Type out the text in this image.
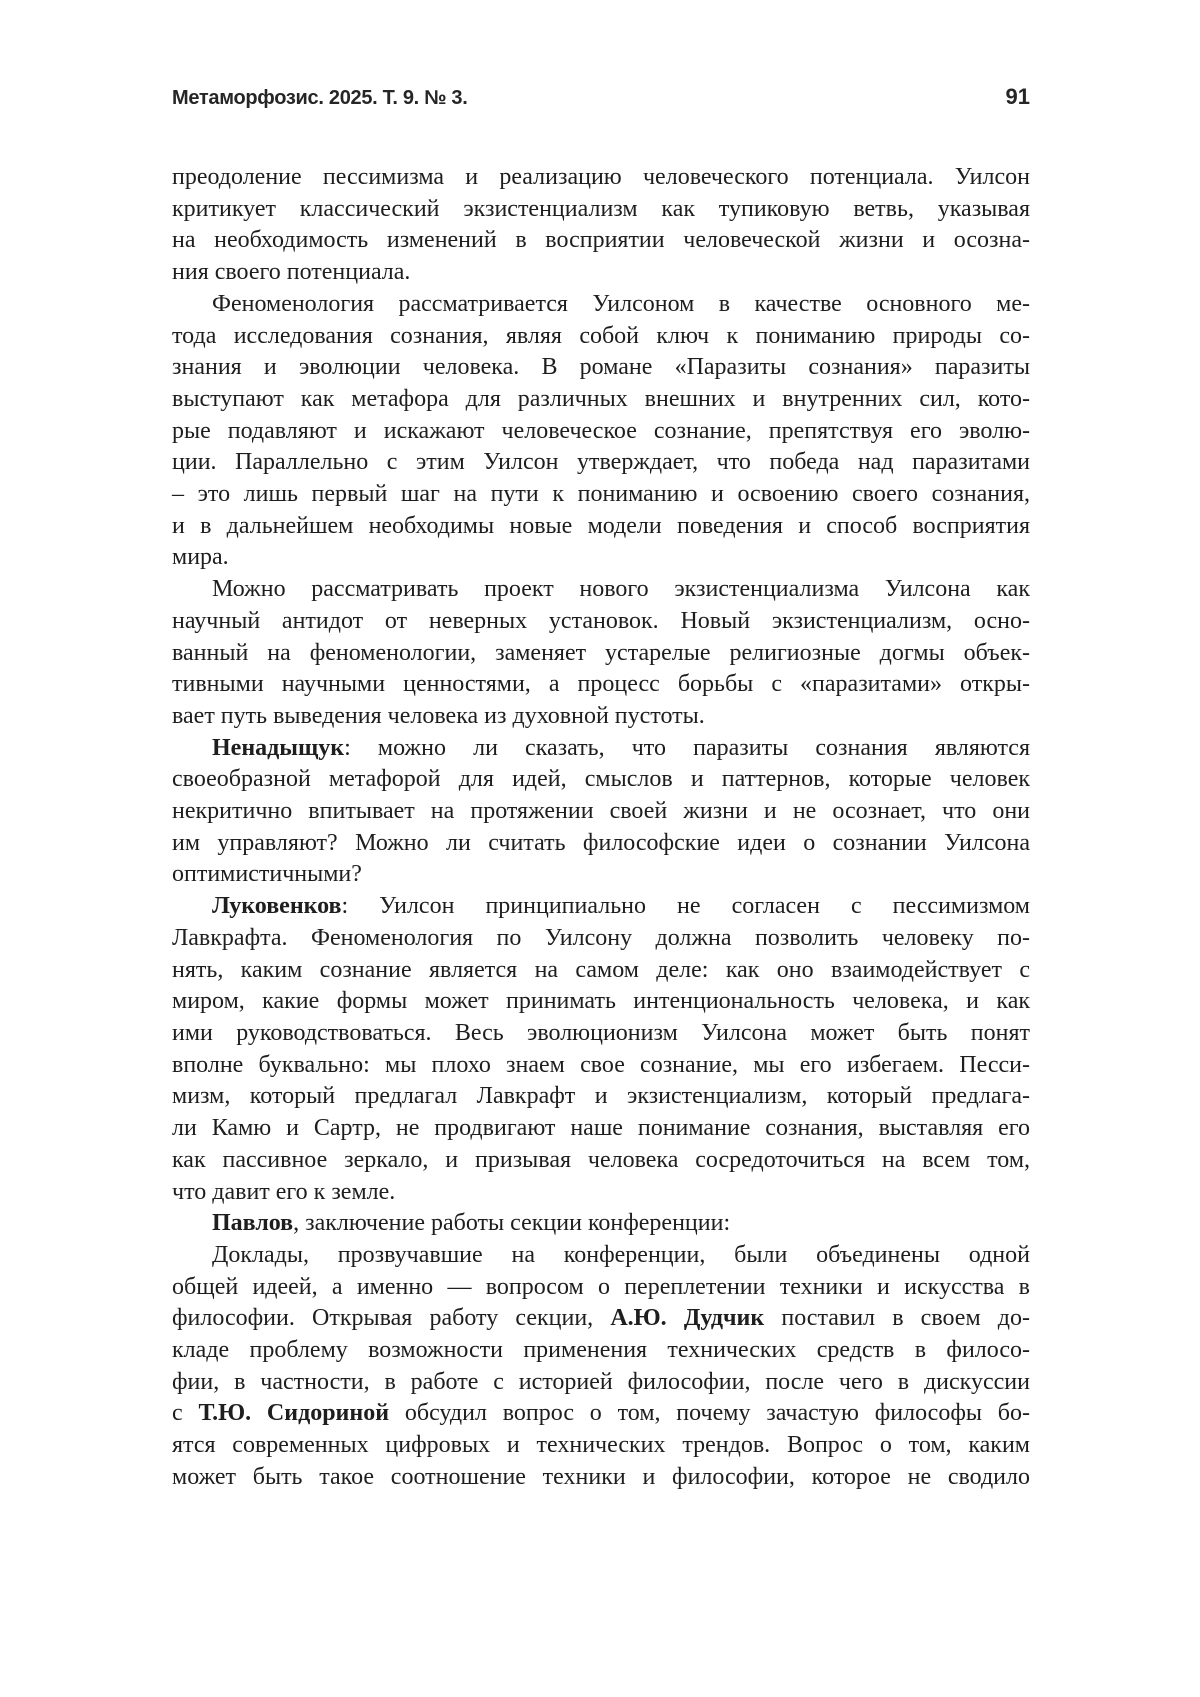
Метаморфозис. 2025. Т. 9. № 3.	91

преодоление пессимизма и реализацию человеческого потенциала. Уилсон
критикует классический экзистенциализм как тупиковую ветвь, указывая
на необходимость изменений в восприятии человеческой жизни и осозна-
ния своего потенциала.

Феноменология рассматривается Уилсоном в качестве основного ме-
тода исследования сознания, являя собой ключ к пониманию природы со-
знания и эволюции человека. В романе «Паразиты сознания» паразиты
выступают как метафора для различных внешних и внутренних сил, кото-
рые подавляют и искажают человеческое сознание, препятствуя его эволю-
ции. Параллельно с этим Уилсон утверждает, что победа над паразитами
– это лишь первый шаг на пути к пониманию и освоению своего сознания,
и в дальнейшем необходимы новые модели поведения и способ восприятия
мира.

Можно рассматривать проект нового экзистенциализма Уилсона как
научный антидот от неверных установок. Новый экзистенциализм, осно-
ванный на феноменологии, заменяет устарелые религиозные догмы объек-
тивными научными ценностями, а процесс борьбы с «паразитами» откры-
вает путь выведения человека из духовной пустоты.

Ненадыщук: можно ли сказать, что паразиты сознания являются
своеобразной метафорой для идей, смыслов и паттернов, которые человек
некритично впитывает на протяжении своей жизни и не осознает, что они
им управляют? Можно ли считать философские идеи о сознании Уилсона
оптимистичными?

Луковенков: Уилсон принципиально не согласен с пессимизмом
Лавкрафта. Феноменология по Уилсону должна позволить человеку по-
нять, каким сознание является на самом деле: как оно взаимодействует с
миром, какие формы может принимать интенциональность человека, и как
ими руководствоваться. Весь эволюционизм Уилсона может быть понят
вполне буквально: мы плохо знаем свое сознание, мы его избегаем. Песси-
мизм, который предлагал Лавкрафт и экзистенциализм, который предлага-
ли Камю и Сартр, не продвигают наше понимание сознания, выставляя его
как пассивное зеркало, и призывая человека сосредоточиться на всем том,
что давит его к земле.

Павлов, заключение работы секции конференции:

Доклады, прозвучавшие на конференции, были объединены одной
общей идеей, а именно — вопросом о переплетении техники и искусства в
философии. Открывая работу секции, А.Ю. Дудчик поставил в своем до-
кладе проблему возможности применения технических средств в филосо-
фии, в частности, в работе с историей философии, после чего в дискуссии
с Т.Ю. Сидориной обсудил вопрос о том, почему зачастую философы бо-
ятся современных цифровых и технических трендов. Вопрос о том, каким
может быть такое соотношение техники и философии, которое не сводило
